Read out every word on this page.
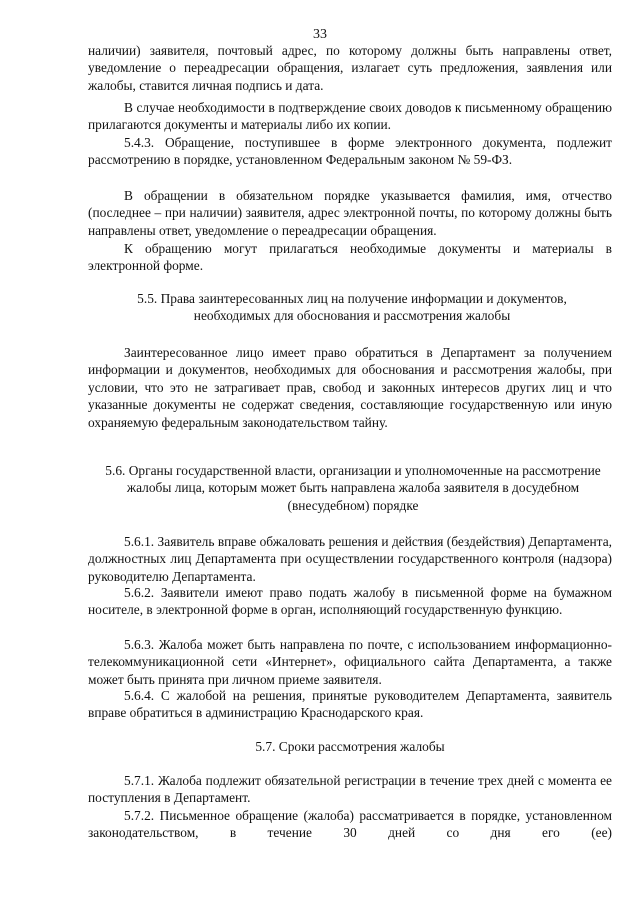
33

наличии) заявителя, почтовый адрес, по которому должны быть направлены ответ, уведомление о переадресации обращения, излагает суть предложения, заявления или жалобы, ставится личная подпись и дата.

В случае необходимости в подтверждение своих доводов к письменному обращению прилагаются документы и материалы либо их копии.

5.4.3. Обращение, поступившее в форме электронного документа, подлежит рассмотрению в порядке, установленном Федеральным законом № 59-ФЗ.

В обращении в обязательном порядке указывается фамилия, имя, отчество (последнее – при наличии) заявителя, адрес электронной почты, по которому должны быть направлены ответ, уведомление о переадресации обращения.

К обращению могут прилагаться необходимые документы и материалы в электронной форме.

5.5. Права заинтересованных лиц на получение информации и документов, необходимых для обоснования и рассмотрения жалобы

Заинтересованное лицо имеет право обратиться в Департамент за получением информации и документов, необходимых для обоснования и рассмотрения жалобы, при условии, что это не затрагивает прав, свобод и законных интересов других лиц и что указанные документы не содержат сведения, составляющие государственную или иную охраняемую федеральным законодательством тайну.

5.6. Органы государственной власти, организации и уполномоченные на рассмотрение жалобы лица, которым может быть направлена жалоба заявителя в досудебном (внесудебном) порядке

5.6.1. Заявитель вправе обжаловать решения и действия (бездействия) Департамента, должностных лиц Департамента при осуществлении государственного контроля (надзора) руководителю Департамента.

5.6.2. Заявители имеют право подать жалобу в письменной форме на бумажном носителе, в электронной форме в орган, исполняющий государственную функцию.

5.6.3. Жалоба может быть направлена по почте, с использованием информационно-телекоммуникационной сети «Интернет», официального сайта Департамента, а также может быть принята при личном приеме заявителя.

5.6.4. С жалобой на решения, принятые руководителем Департамента, заявитель вправе обратиться в администрацию Краснодарского края.

5.7. Сроки рассмотрения жалобы

5.7.1. Жалоба подлежит обязательной регистрации в течение трех дней с момента ее поступления в Департамент.

5.7.2. Письменное обращение (жалоба) рассматривается в порядке, установленном законодательством, в течение 30 дней со дня его (ее)
